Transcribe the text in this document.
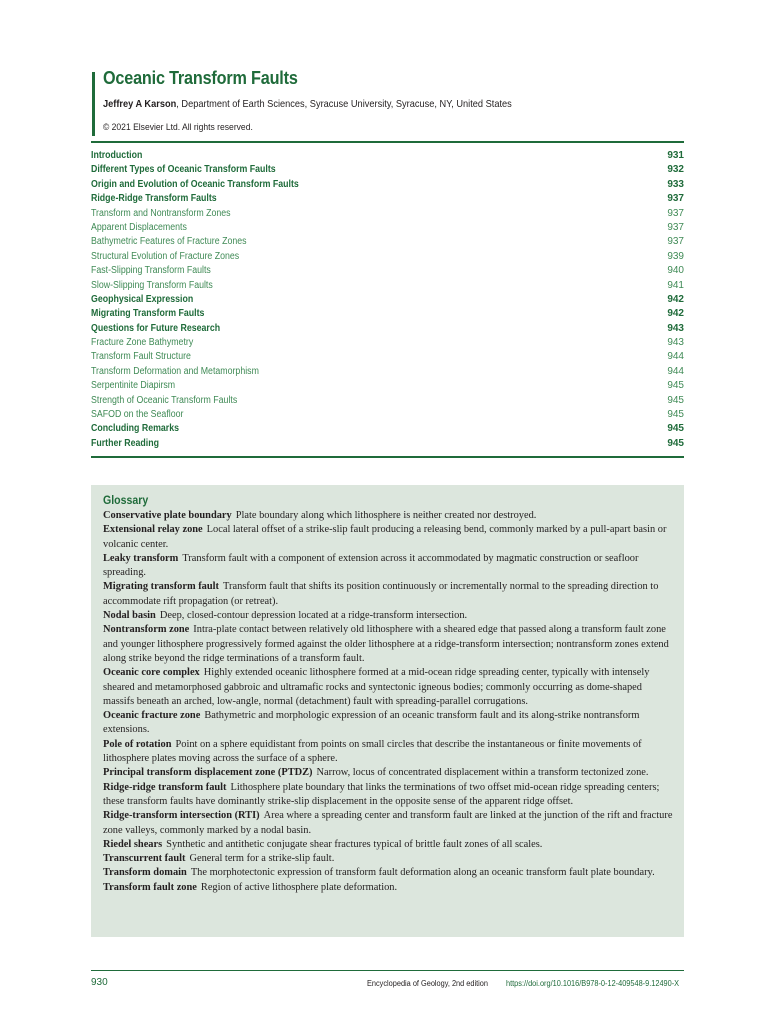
Oceanic Transform Faults
Jeffrey A Karson, Department of Earth Sciences, Syracuse University, Syracuse, NY, United States
© 2021 Elsevier Ltd. All rights reserved.
Introduction	931
Different Types of Oceanic Transform Faults	932
Origin and Evolution of Oceanic Transform Faults	933
Ridge-Ridge Transform Faults	937
Transform and Nontransform Zones	937
Apparent Displacements	937
Bathymetric Features of Fracture Zones	937
Structural Evolution of Fracture Zones	939
Fast-Slipping Transform Faults	940
Slow-Slipping Transform Faults	941
Geophysical Expression	942
Migrating Transform Faults	942
Questions for Future Research	943
Fracture Zone Bathymetry	943
Transform Fault Structure	944
Transform Deformation and Metamorphism	944
Serpentinite Diapirsm	945
Strength of Oceanic Transform Faults	945
SAFOD on the Seafloor	945
Concluding Remarks	945
Further Reading	945
Glossary

Conservative plate boundary Plate boundary along which lithosphere is neither created nor destroyed.

Extensional relay zone Local lateral offset of a strike-slip fault producing a releasing bend, commonly marked by a pull-apart basin or volcanic center.

Leaky transform Transform fault with a component of extension across it accommodated by magmatic construction or seafloor spreading.

Migrating transform fault Transform fault that shifts its position continuously or incrementally normal to the spreading direction to accommodate rift propagation (or retreat).

Nodal basin Deep, closed-contour depression located at a ridge-transform intersection.

Nontransform zone Intra-plate contact between relatively old lithosphere with a sheared edge that passed along a transform fault zone and younger lithosphere progressively formed against the older lithosphere at a ridge-transform intersection; nontransform zones extend along strike beyond the ridge terminations of a transform fault.

Oceanic core complex Highly extended oceanic lithosphere formed at a mid-ocean ridge spreading center, typically with intensely sheared and metamorphosed gabbroic and ultramafic rocks and syntectonic igneous bodies; commonly occurring as dome-shaped massifs beneath an arched, low-angle, normal (detachment) fault with spreading-parallel corrugations.

Oceanic fracture zone Bathymetric and morphologic expression of an oceanic transform fault and its along-strike nontransform extensions.

Pole of rotation Point on a sphere equidistant from points on small circles that describe the instantaneous or finite movements of lithosphere plates moving across the surface of a sphere.

Principal transform displacement zone (PTDZ) Narrow, locus of concentrated displacement within a transform tectonized zone.

Ridge-ridge transform fault Lithosphere plate boundary that links the terminations of two offset mid-ocean ridge spreading centers; these transform faults have dominantly strike-slip displacement in the opposite sense of the apparent ridge offset.

Ridge-transform intersection (RTI) Area where a spreading center and transform fault are linked at the junction of the rift and fracture zone valleys, commonly marked by a nodal basin.

Riedel shears Synthetic and antithetic conjugate shear fractures typical of brittle fault zones of all scales.

Transcurrent fault General term for a strike-slip fault.

Transform domain The morphotectonic expression of transform fault deformation along an oceanic transform fault plate boundary.

Transform fault zone Region of active lithosphere plate deformation.

930	Encyclopedia of Geology, 2nd edition https://doi.org/10.1016/B978-0-12-409548-9.12490-X
